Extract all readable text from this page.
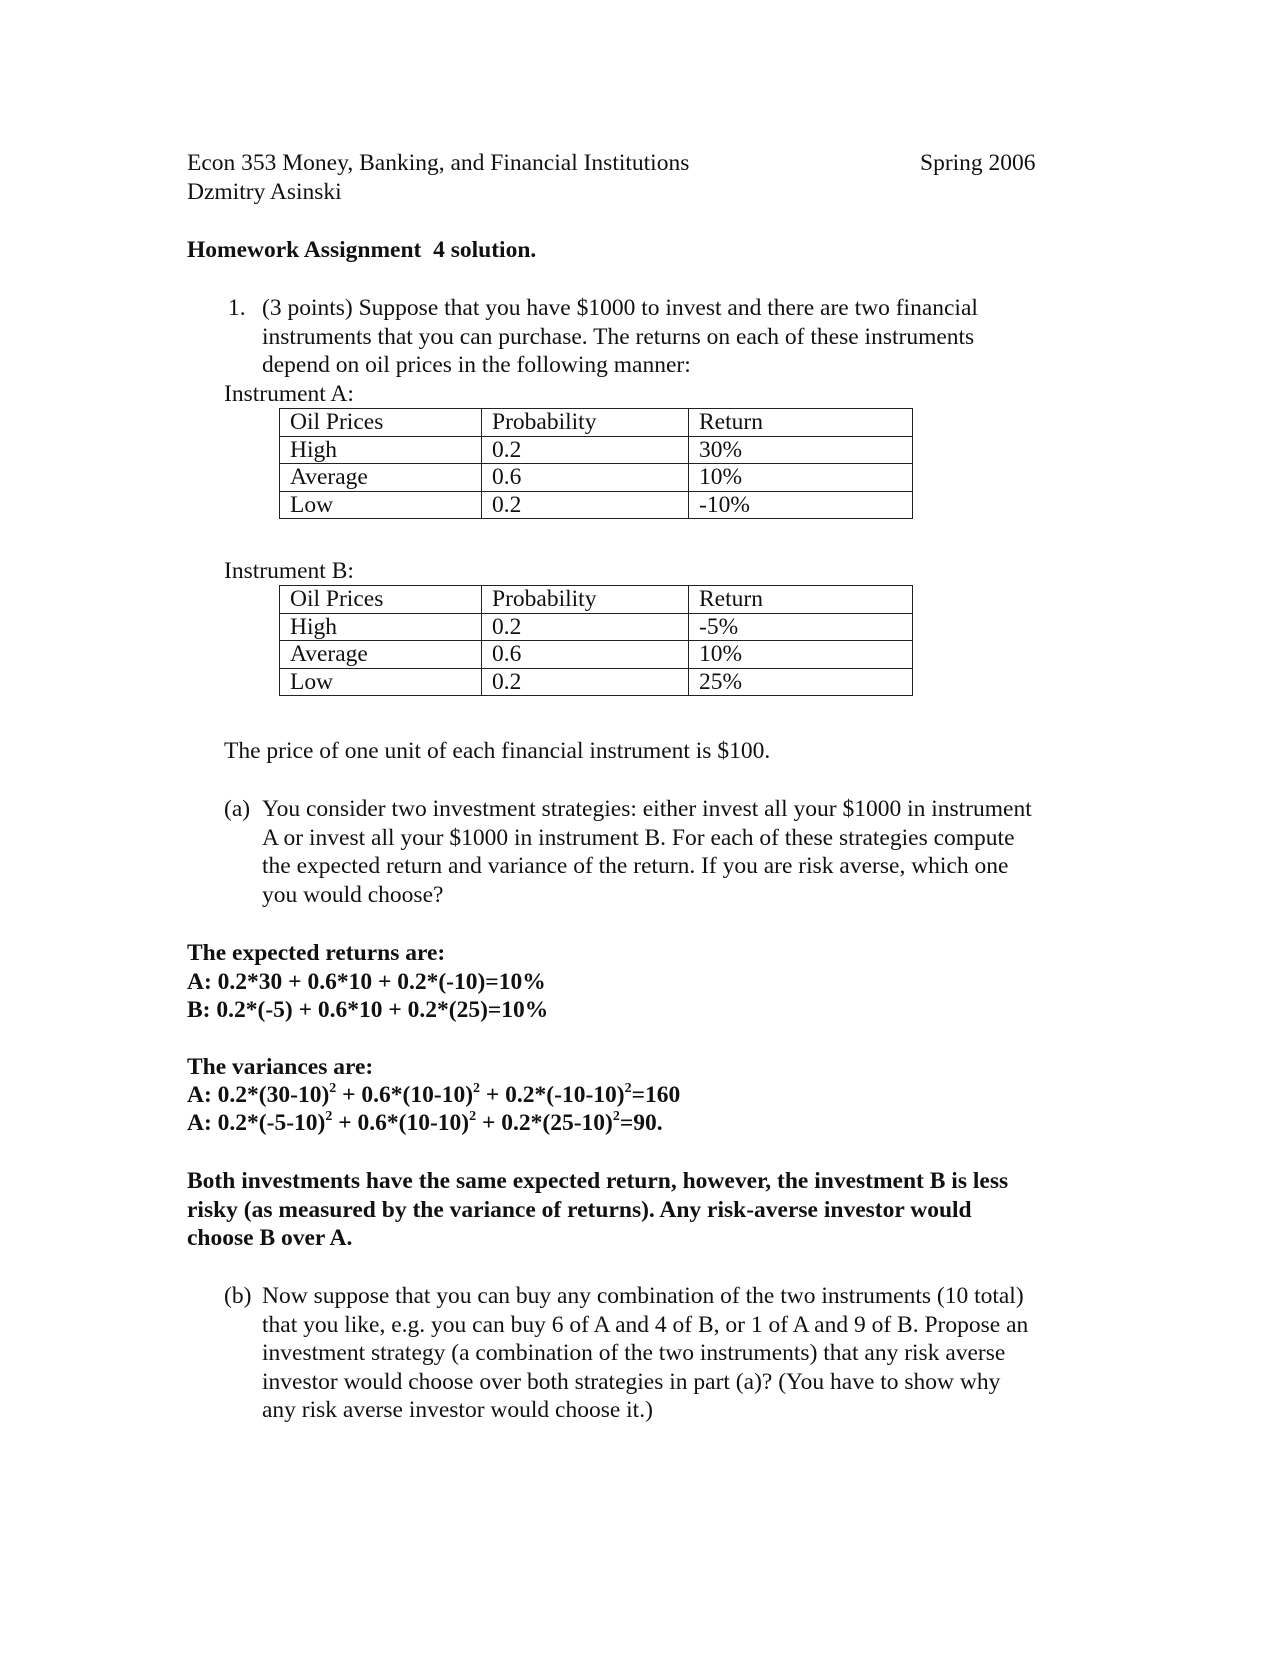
Econ 353 Money, Banking, and Financial Institutions	Spring 2006
Dzmitry Asinski
Homework Assignment  4 solution.
1. (3 points) Suppose that you have $1000 to invest and there are two financial
instruments that you can purchase. The returns on each of these instruments
depend on oil prices in the following manner:
Instrument A:
Oil Prices	Probability	Return
High	0.2	30%
Average	0.6	10%
Low	0.2	-10%
Instrument B:
Oil Prices	Probability	Return
High	0.2	-5%
Average	0.6	10%
Low	0.2	25%
The price of one unit of each financial instrument is $100.
(a) You consider two investment strategies: either invest all your $1000 in instrument
A or invest all your $1000 in instrument B. For each of these strategies compute
the expected return and variance of the return. If you are risk averse, which one
you would choose?
The expected returns are:
A: 0.2*30 + 0.6*10 + 0.2*(-10)=10%
B: 0.2*(-5) + 0.6*10 + 0.2*(25)=10%
The variances are:
A: $0.2*(30-10)^2 + 0.6*(10-10)^2 + 0.2*(-10-10)^2=160$
A: $0.2*(-5-10)^2 + 0.6*(10-10)^2 + 0.2*(25-10)^2=90$.
Both investments have the same expected return, however, the investment B is less
risky (as measured by the variance of returns). Any risk-averse investor would
choose B over A.
(b) Now suppose that you can buy any combination of the two instruments (10 total)
that you like, e.g. you can buy 6 of A and 4 of B, or 1 of A and 9 of B. Propose an
investment strategy (a combination of the two instruments) that any risk averse
investor would choose over both strategies in part (a)? (You have to show why
any risk averse investor would choose it.)
